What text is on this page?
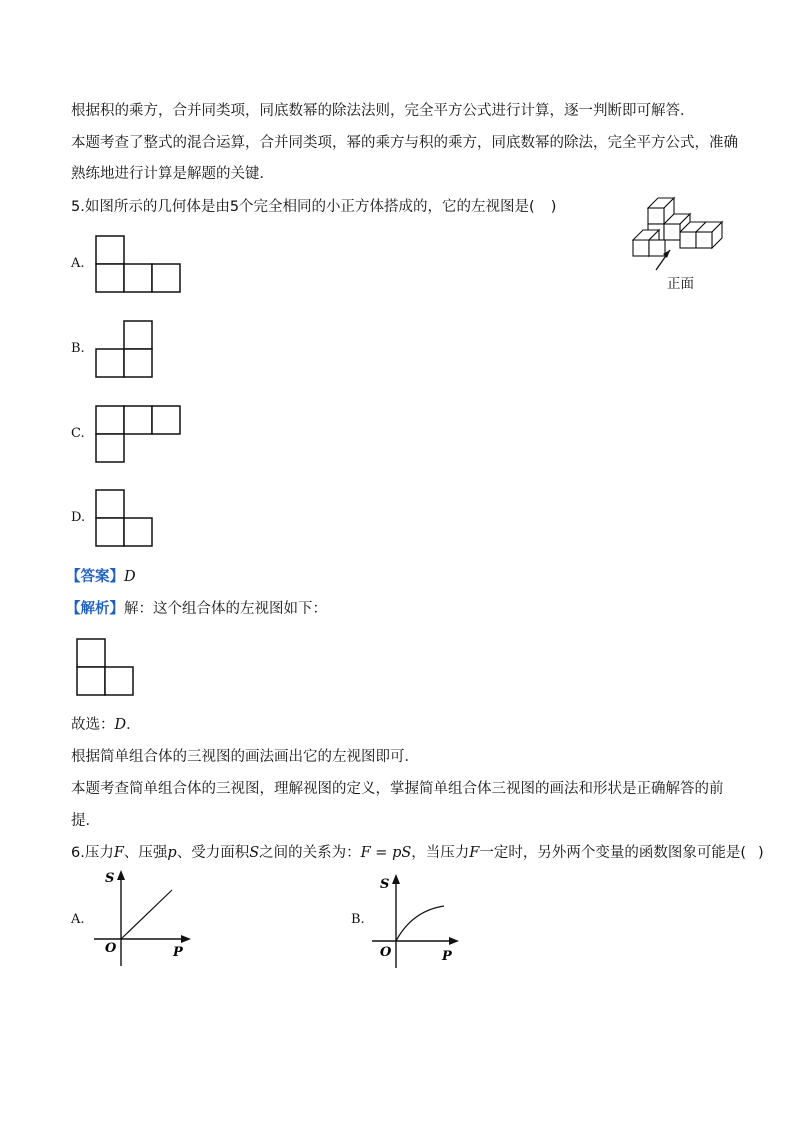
根据积的乘方，合并同类项，同底数幂的除法法则，完全平方公式进行计算，逐一判断即可解答．
本题考查了整式的混合运算，合并同类项，幂的乘方与积的乘方，同底数幂的除法，完全平方公式，准确
熟练地进行计算是解题的关键．
5.如图所示的几何体是由5个完全相同的小正方体搭成的，它的左视图是( )
正面
A.
B.
C.
D.
【答案】D
【解析】解：这个组合体的左视图如下：
故选：D．
根据简单组合体的三视图的画法画出它的左视图即可．
本题考查简单组合体的三视图，理解视图的定义，掌握简单组合体三视图的画法和形状是正确解答的前
提．
6.压力F、压强p、受力面积S之间的关系为：F = pS，当压力F一定时，另外两个变量的函数图象可能是( )
A.
S
P
O
B.
S
P
O
